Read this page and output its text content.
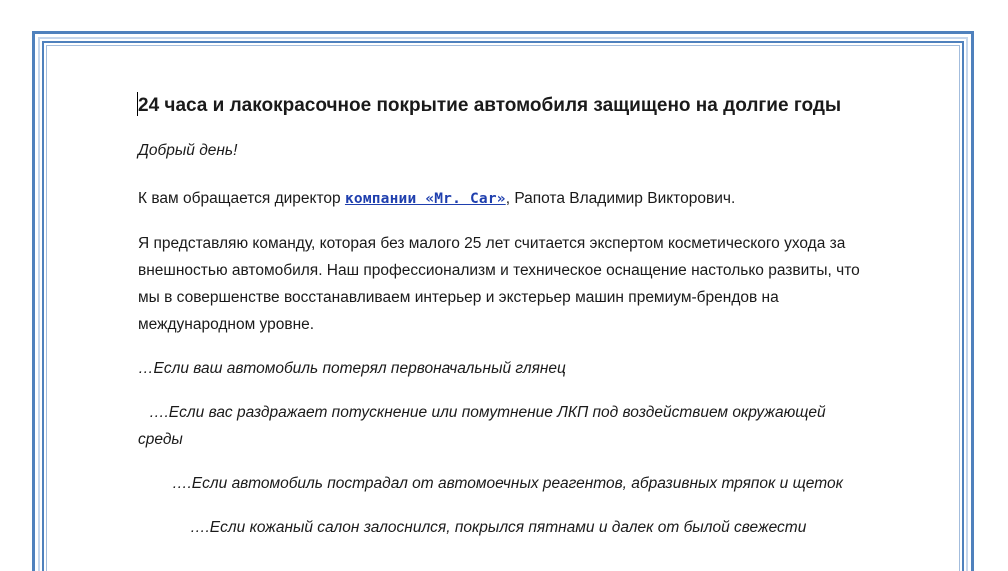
24 часа и лакокрасочное покрытие автомобиля защищено на долгие годы
Добрый день!
К вам обращается директор компании «Mr. Car», Рапота Владимир Викторович.
Я представляю команду, которая без малого 25 лет считается экспертом косметического ухода за
внешностью автомобиля. Наш профессионализм и техническое оснащение настолько развиты, что
мы в совершенстве восстанавливаем интерьер и экстерьер машин премиум-брендов на
международном уровне.
…Если ваш автомобиль потерял первоначальный глянец
….Если вас раздражает потускнение или помутнение ЛКП под воздействием окружающей
среды
….Если автомобиль пострадал от автомоечных реагентов, абразивных тряпок и щеток
….Если кожаный салон залоснился, покрылся пятнами и далек от былой свежести
